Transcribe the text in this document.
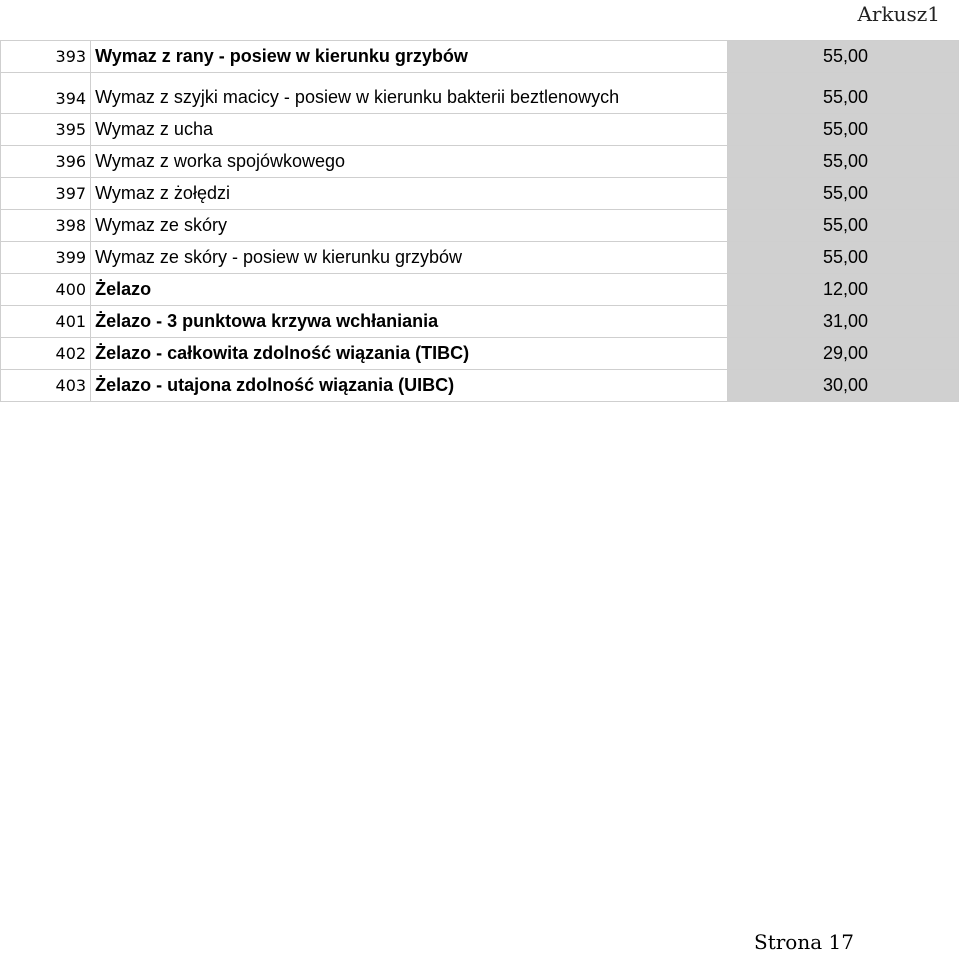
Arkusz1
393	Wymaz z rany - posiew w kierunku grzybów	55,00
394	Wymaz z szyjki macicy - posiew w kierunku bakterii beztlenowych	55,00
395	Wymaz z ucha	55,00
396	Wymaz z worka spojówkowego	55,00
397	Wymaz z żołędzi	55,00
398	Wymaz ze skóry	55,00
399	Wymaz ze skóry - posiew w kierunku grzybów	55,00
400	Żelazo	12,00
401	Żelazo - 3 punktowa krzywa wchłaniania	31,00
402	Żelazo - całkowita zdolność wiązania (TIBC)	29,00
403	Żelazo - utajona zdolność wiązania (UIBC)	30,00
Strona 17
